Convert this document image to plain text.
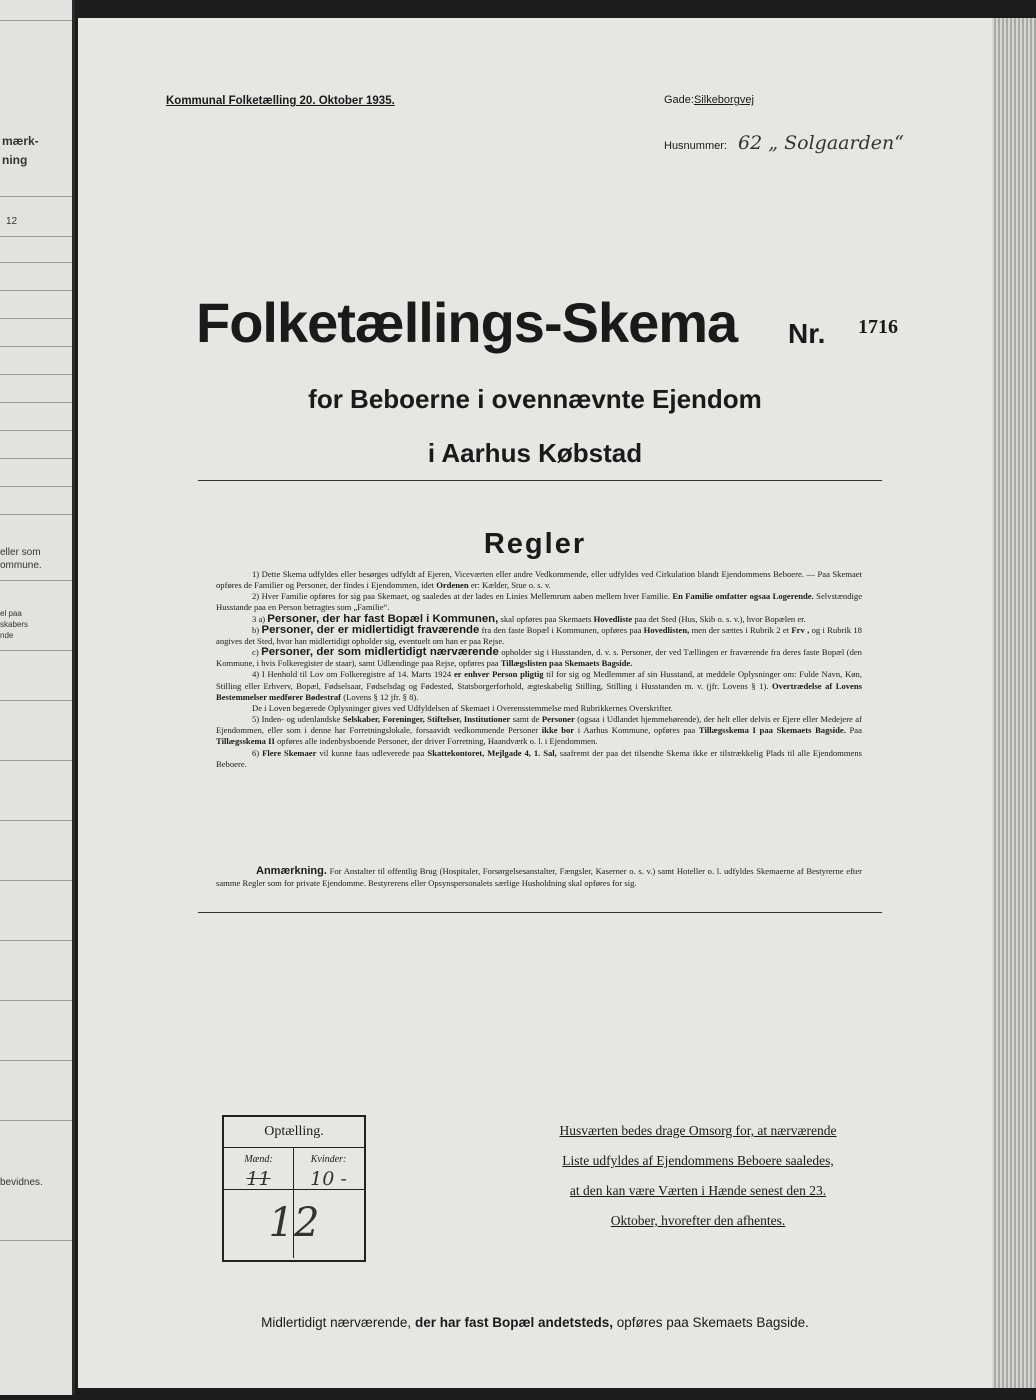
mærk-
ning
12
eller som
ommune.
el paa
skabers
nde
bevidnes.
Kommunal Folketælling 20. Oktober 1935.	Gade:Silkeborgvej
Husnummer: 62 „ Solgaarden“
Folketællings-Skema Nr. 1716
for Beboerne i ovennævnte Ejendom
i Aarhus Købstad
Regler

1) Dette Skema udfyldes eller besørges udfyldt af Ejeren, Viceværten eller andre Vedkommende, eller udfyldes ved Cirkulation blandt Ejendommens Beboere. — Paa Skemaet opføres de Familier og Personer, der findes i Ejendommen, idet Ordenen er: Kælder, Stue o. s. v.

2) Hver Familie opføres for sig paa Skemaet, og saaledes at der lades en Linies Mellemrum aaben mellem hver Familie. En Familie omfatter ogsaa Logerende. Selvstændige Husstande paa en Person betragtes som „Familie“.

3 a) Personer, der har fast Bopæl i Kommunen, skal opføres paa Skemaets Hovedliste paa det Sted (Hus, Skib o. s. v.), hvor Bopælen er.

b) Personer, der er midlertidigt fraværende fra den faste Bopæl i Kommunen, opføres paa Hovedlisten, men der sættes i Rubrik 2 et Frv , og i Rubrik 18 angives det Sted, hvor han midlertidigt opholder sig, eventuelt om han er paa Rejse.

c) Personer, der som midlertidigt nærværende opholder sig i Husstanden, d. v. s. Personer, der ved Tællingen er fraværende fra deres faste Bopæl (den Kommune, i hvis Folkeregister de staar), samt Udlændinge paa Rejse, opføres paa Tillægslisten paa Skemaets Bagside.

4) I Henhold til Lov om Folkeregistre af 14. Marts 1924 er enhver Person pligtig til for sig og Medlemmer af sin Husstand, at meddele Oplysninger om: Fulde Navn, Køn, Stilling eller Erhverv, Bopæl, Fødselsaar, Fødselsdag og Fødested, Statsborgerforhold, ægteskabelig Stilling, Stilling i Husstanden m. v. (jfr. Lovens § 1). Overtrædelse af Lovens Bestemmelser medfører Bødestraf (Lovens § 12 jfr. § 8).

De i Loven begærede Oplysninger gives ved Udfyldelsen af Skemaet i Overensstemmelse med Rubrikkernes Overskrifter.

5) Inden- og udenlandske Selskaber, Foreninger, Stiftelser, Institutioner samt de Personer (ogsaa i Udlandet hjemmehørende), der helt eller delvis er Ejere eller Medejere af Ejendommen, eller som i denne har Forretningslokale, forsaavidt vedkommende Personer ikke bor i Aarhus Kommune, opføres paa Tillægsskema I paa Skemaets Bagside. Paa Tillægsskema II opføres alle indenbysboende Personer, der driver Forretning, Haandværk o. l. i Ejendommen.

6) Flere Skemaer vil kunne faas udleverede paa Skattekontoret, Mejlgade 4, 1. Sal, saafremt der paa det tilsendte Skema ikke er tilstrækkelig Plads til alle Ejendommens Beboere.

Anmærkning. For Anstalter til offentlig Brug (Hospitaler, Forsørgelsesanstalter, Fængsler, Kaserner o. s. v.) samt Hoteller o. l. udfyldes Skemaerne af Bestyrerne efter samme Regler som for private Ejendomme. Bestyrerens eller Opsynspersonalets særlige Husholdning skal opføres for sig.

Optælling.
Mænd:
11
Kvinder:
10 -
12
Husværten bedes drage Omsorg for, at nærværende
Liste udfyldes af Ejendommens Beboere saaledes,
at den kan være Værten i Hænde senest den 23.
Oktober, hvorefter den afhentes.
Midlertidigt nærværende, der har fast Bopæl andetsteds, opføres paa Skemaets Bagside.
